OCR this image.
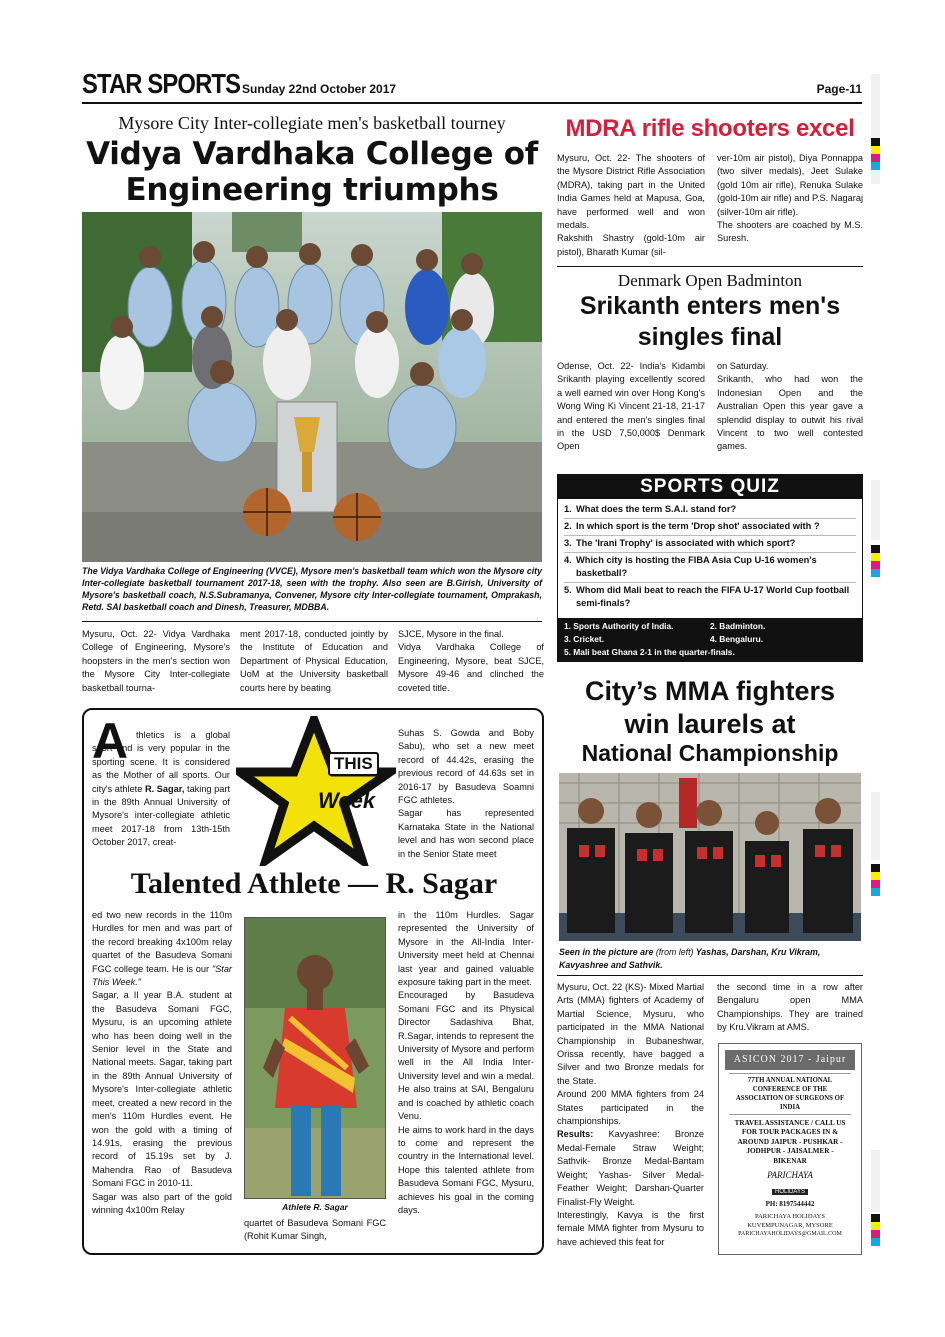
STAR SPORTS Sunday 22nd October 2017	Page-11
Mysore City Inter-collegiate men's basketball tourney
Vidya Vardhaka College of Engineering triumphs
The Vidya Vardhaka College of Engineering (VVCE), Mysore men's basketball team which won the Mysore city Inter-collegiate basketball tournament 2017-18, seen with the trophy. Also seen are B.Girish, University of Mysore's basketball coach, N.S.Subramanya, Convener, Mysore city Inter-collegiate tournament, Omprakash, Retd. SAI basketball coach and Dinesh, Treasurer, MDBBA.
Mysuru, Oct. 22- Vidya Vardhaka College of Engineering, Mysore's hoopsters in the men's section won the Mysore City Inter-collegiate basketball tourna-
ment 2017-18, conducted jointly by the Institute of Education and Department of Physical Education, UoM at the University basketball courts here by beating
SJCE, Mysore in the final.
Vidya Vardhaka College of Engineering, Mysore, beat SJCE, Mysore 49-46 and clinched the coveted title.
MDRA rifle shooters excel
Mysuru, Oct. 22- The shooters of the Mysore District Rifle Association (MDRA), taking part in the United India Games held at Mapusa, Goa, have performed well and won medals.
Rakshith Shastry (gold-10m air pistol), Bharath Kumar (sil-
ver-10m air pistol), Diya Ponnappa (two silver medals), Jeet Sulake (gold 10m air rifle), Renuka Sulake (gold-10m air rifle) and P.S. Nagaraj (silver-10m air rifle).
The shooters are coached by M.S. Suresh.
Denmark Open Badminton
Srikanth enters men's singles final
Odense, Oct. 22- India's Kidambi Srikanth playing excellently scored a well earned win over Hong Kong's Wong Wing Ki Vincent 21-18, 21-17 and entered the men's singles final in the USD 7,50,000$ Denmark Open
on Saturday.
Srikanth, who had won the Indonesian Open and the Australian Open this year gave a splendid display to outwit his rival Vincent to two well contested games.
SPORTS QUIZ
1. What does the term S.A.I. stand for?
2. In which sport is the term 'Drop shot' associated with ?
3. The 'Irani Trophy' is associated with which sport?
4. Which city is hosting the FIBA Asia Cup U-16 women's basketball?
5. Whom did Mali beat to reach the FIFA U-17 World Cup football semi-finals?
1. Sports Authority of India.	2. Badminton.
3. Cricket.	4. Bengaluru.
5. Mali beat Ghana 2-1 in the quarter-finals.
City’s MMA fighters
win laurels at
National Championship
Seen in the picture are (from left) Yashas, Darshan, Kru Vikram, Kavyashree and Sathvik.
Mysuru, Oct. 22 (KS)- Mixed Martial Arts (MMA) fighters of Academy of Martial Science, Mysuru, who participated in the MMA National Championship in Bubaneshwar, Orissa recently, have bagged a Silver and two Bronze medals for the State.
Around 200 MMA fighters from 24 States participated in the championships.
Results: Kavyashree: Bronze Medal-Female Straw Weight; Sathvik- Bronze Medal-Bantam Weight; Yashas- Silver Medal-Feather Weight; Darshan-Quarter Finalist-Fly Weight.
Interestingly, Kavya is the first female MMA fighter from Mysuru to have achieved this feat for
the second time in a row after Bengaluru open MMA Championships. They are trained by Kru.Vikram at AMS.
ASICON 2017 - Jaipur
77TH ANNUAL NATIONAL CONFERENCE OF THE ASSOCIATION OF SURGEONS OF INDIA
TRAVEL ASSISTANCE / CALL US FOR TOUR PACKAGES IN & AROUND JAIPUR - PUSHKAR - JODHPUR - JAISALMER - BIKENAR
PARICHAYA
HOLIDAYS
PH: 8197544442
PARICHAYA HOLIDAYS
KUVEMPUNAGAR, MYSORE
PARICHAYAHOLIDAYS@GMAIL.COM
THIS
Week
A thletics is a global sport and is very popular in the sporting scene. It is considered as the Mother of all sports. Our city's athlete R. Sagar, taking part in the 89th Annual University of Mysore's inter-collegiate athletic meet 2017-18 from 13th-15th October 2017, creat-
Suhas S. Gowda and Boby Sabu), who set a new meet record of 44.42s, erasing the previous record of 44.63s set in 2016-17 by Basudeva Soamni FGC athletes.
Sagar has represented Karnataka State in the National level and has won second place in the Senior State meet
Talented Athlete — R. Sagar
ed two new records in the 110m Hurdles for men and was part of the record breaking 4x100m relay quartet of the Basudeva Somani FGC college team. He is our "Star This Week."
Sagar, a II year B.A. student at the Basudeva Somani FGC, Mysuru, is an upcoming athlete who has been doing well in the Senior level in the State and National meets. Sagar, taking part in the 89th Annual University of Mysore's Inter-collegiate athletic meet, created a new record in the men's 110m Hurdles event. He won the gold with a timing of 14.91s, erasing the previous record of 15.19s set by J. Mahendra Rao of Basudeva Somani FGC in 2010-11.
Sagar was also part of the gold winning 4x100m Relay	Athlete R. Sagar
quartet of Basudeva Somani FGC (Rohit Kumar Singh,
in the 110m Hurdles. Sagar represented the University of Mysore in the All-India Inter-University meet held at Chennai last year and gained valuable exposure taking part in the meet.
Encouraged by Basudeva Somani FGC and its Physical Director Sadashiva Bhat, R.Sagar, intends to represent the University of Mysore and perform well in the All India Inter-University level and win a medal. He also trains at SAI, Bengaluru and is coached by athletic coach Venu.
He aims to work hard in the days to come and represent the country in the International level. Hope this talented athlete from Basudeva Somani FGC, Mysuru, achieves his goal in the coming days.
